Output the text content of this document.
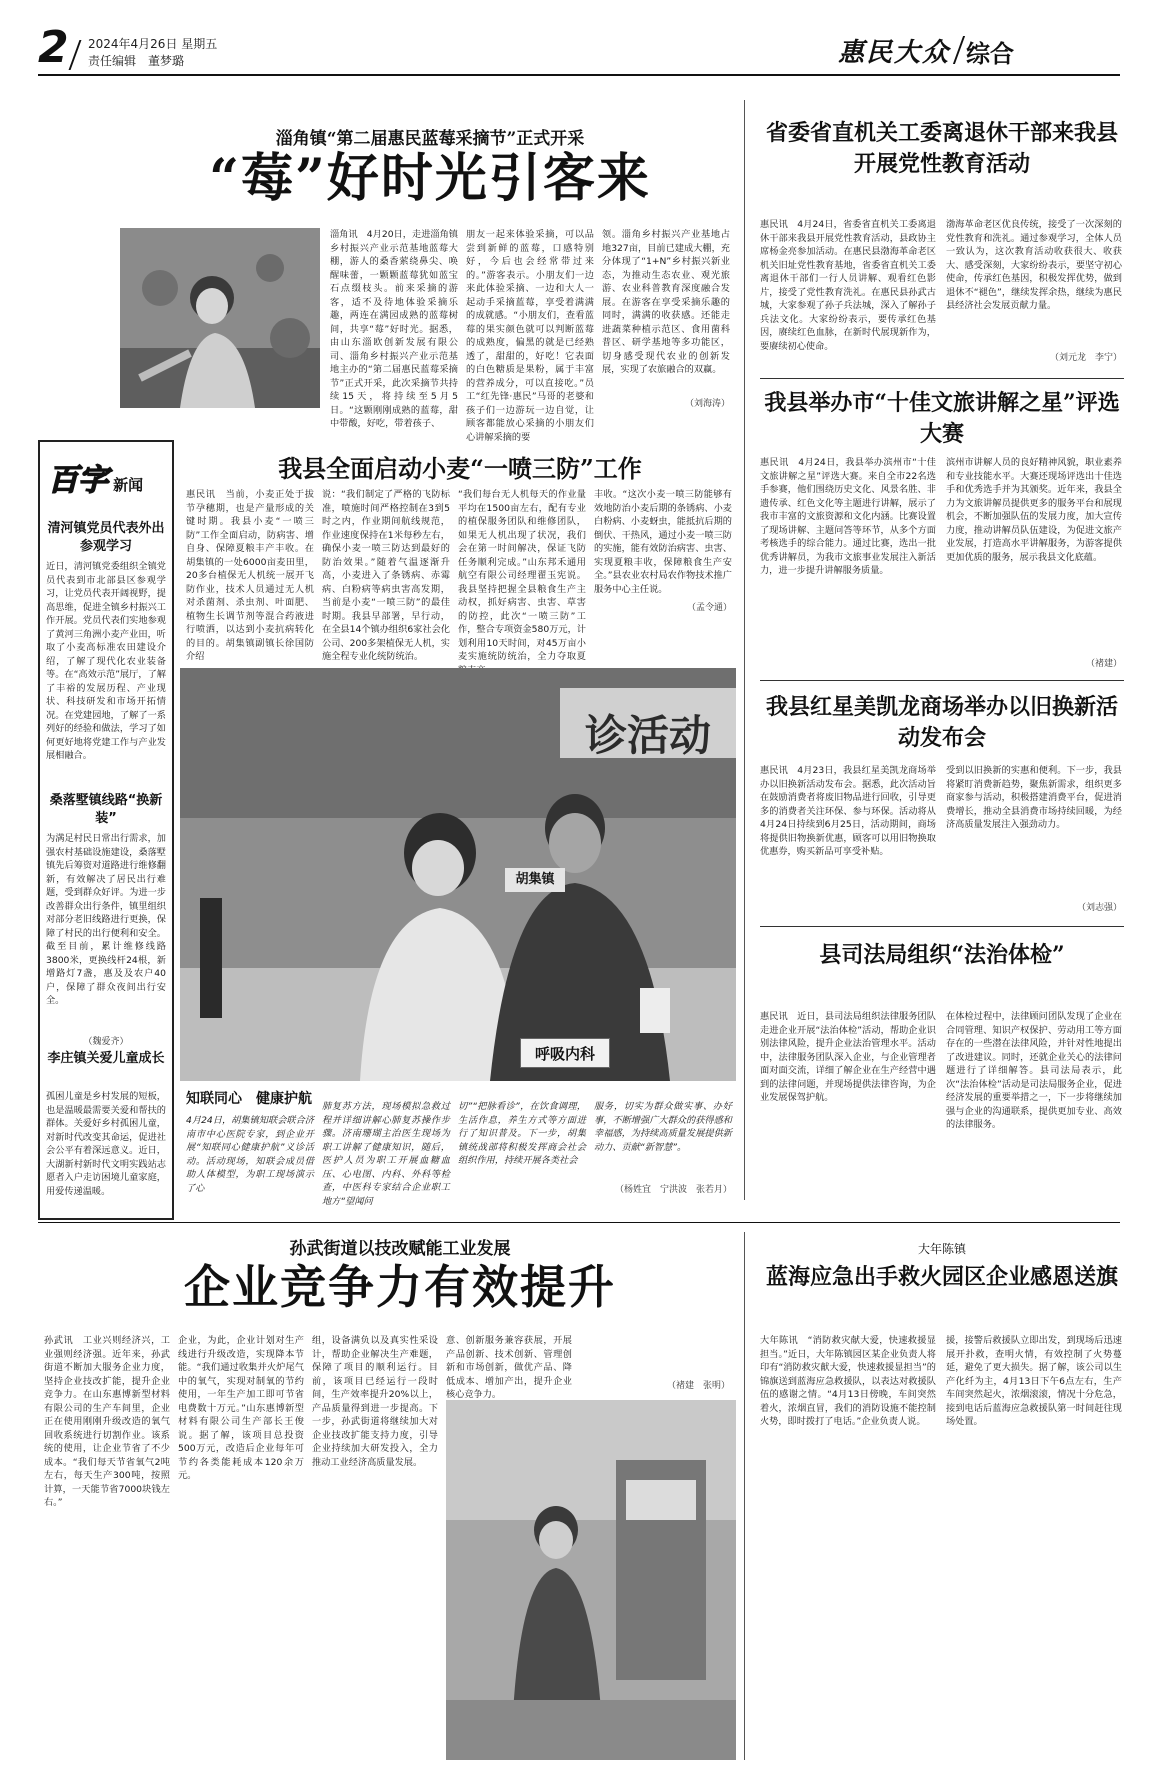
2 2024年4月26日 星期五
责任编辑　董梦璐	惠民大众 综合
淄角镇“第二届惠民蓝莓采摘节”正式开采
“莓”好时光引客来
淄角讯　4月20日，走进淄角镇乡村振兴产业示范基地蓝莓大棚，游人的桑香萦绕鼻尖、唤醒味蕾，一颗颗蓝莓犹如蓝宝石点缀枝头。前来采摘的游客，适不及待地体验采摘乐趣，两连在满园成熟的蓝莓树间，共享“莓”好时光。据悉，由山东淄欧创新发展有限公司、淄角乡村振兴产业示范基地主办的“第二届惠民蓝莓采摘节”正式开采，此次采摘节共持续15天，将持续至5月5日。“这颗刚刚成熟的蓝莓，甜中带酸，好吃，带着孩子、
朋友一起来体验采摘，可以品尝到新鲜的蓝莓，口感特别好，今后也会经常带过来的。”游客表示。小朋友们一边来此体验采摘、一边和大人一起动手采摘蓝莓，享受着满满的成就感。“小朋友们，查看蓝莓的果实颜色就可以判断蓝莓的成熟度，偏黑的就是已经熟透了，甜甜的，好吃！它表面的白色糖质是果粉，属于丰富的营养成分，可以直接吃。”员工“红先锋·惠民”马哥的老婆和孩子们一边游玩一边自觉，让顾客都能放心采摘的小朋友们心讲解采摘的要
领。淄角乡村振兴产业基地占地327亩，目前已建成大棚，充分体现了“1+N”乡村振兴新业态，为推动生态农业、观光旅游、农业科普教育深度融合发展。在游客在享受采摘乐趣的同时，满满的收获感。还能走进蔬菜种植示范区、食用菌科普区、研学基地等多功能区，切身感受现代农业的创新发展，实现了农旅融合的双赢。
（刘海涛）
省委省直机关工委离退休干部来我县开展党性教育活动
惠民讯　4月24日，省委省直机关工委离退休干部来我县开展党性教育活动，县政协主席杨金亮参加活动。在惠民县渤海革命老区机关旧址党性教育基地，省委省直机关工委离退休干部们一行人员讲解、观看红色影片，接受了党性教育洗礼。在惠民县孙武古城，大家参观了孙子兵法城，深入了解孙子兵法文化。大家纷纷表示，要传承红色基因，赓续红色血脉，在新时代展现新作为，要赓续初心使命。
渤海革命老区优良传统，接受了一次深刻的党性教育和洗礼。通过参观学习，全体人员一致认为，这次教育活动收获很大、收获大、感受深刻，大家纷纷表示，要坚守初心使命，传承红色基因，积极发挥优势，做到退休不“褪色”，继续发挥余热，继续为惠民县经济社会发展贡献力量。
（刘元龙　李宁）
百字 新闻
清河镇党员代表外出参观学习
近日，清河镇党委组织全镇党员代表到市北部县区参观学习，让党员代表开阔视野，提高思维，促进全镇乡村振兴工作开展。党员代表们实地参观了黄河三角洲小麦产业田，听取了小麦高标准农田建设介绍，了解了现代化农业装备等。在“高效示范”展厅，了解了丰裕的发展历程、产业现状、科技研发和市场开拓情况。在党建园地，了解了一系列好的经验和做法，学习了如何更好地将党建工作与产业发展相融合。
桑落墅镇线路“换新装”
为满足村民日常出行需求，加强农村基础设施建设，桑落墅镇先后筹资对道路进行维修翻新，有效解决了居民出行难题，受到群众好评。为进一步改善群众出行条件，镇里组织对部分老旧线路进行更换，保障了村民的出行便利和安全。截至目前，累计维修线路3800米，更换线杆24根，新增路灯7盏，惠及及农户40户，保障了群众夜间出行安全。
（魏爱齐）
李庄镇关爱儿童成长
孤困儿童是乡村发展的短板，也是温暖最需要关爱和帮扶的群体。关爱好乡村孤困儿童，对新时代改变其命运，促进社会公平有着深远意义。近日，大湖新村新时代文明实践站志愿者入户走访困境儿童家庭，用爱传递温暖。
我县全面启动小麦“一喷三防”工作
惠民讯　当前，小麦正处于拔节孕穗期，也是产量形成的关键时期。我县小麦“一喷三防”工作全面启动，防病害、增自身、保障夏粮丰产丰收。在胡集镇的一处6000亩麦田里，20多台植保无人机统一展开飞防作业，技术人员通过无人机对杀菌剂、杀虫剂、叶面肥、植物生长调节剂等混合药液进行喷洒，以达到小麦抗病转化的目的。胡集镇副镇长徐国防介绍
说：“我们制定了严格的飞防标准，喷施时间严格控制在3到5时之内，作业期间航线规范，作业速度保持在1米每秒左右，确保小麦一喷三防达到最好的防治效果。”随着气温逐渐升高，小麦进入了条锈病、赤霉病、白粉病等病虫害高发期，当前是小麦“一喷三防”的最佳时期。我县早部署，早行动，在全县14个镇办组织6家社会化公司、200多架植保无人机，实施全程专业化统防统治。
“我们每台无人机每天的作业量平均在1500亩左右，配有专业的植保服务团队和维修团队，如果无人机出现了状况，我们会在第一时间解决，保证飞防任务顺利完成。”山东邦禾通用航空有限公司经理翟玉宪说。我县坚持把握全县粮食生产主动权，抓好病害、虫害、草害的防控，此次“一喷三防”工作，整合专项资金580万元，计划利用10天时间，对45万亩小麦实施统防统治，全力夺取夏
丰收。“这次小麦一喷三防能够有效地防治小麦后期的条锈病、小麦白粉病、小麦蚜虫，能抵抗后期的倒伏、干热风，通过小麦一喷三防的实施，能有效防治病害、虫害、实现夏粮丰收，保障粮食生产安全。”县农业农村局农作物技术推广服务中心主任说。
（孟令通）
诊活动
胡集镇
呼吸内科
知联同心　健康护航
4月24日，胡集镇知联会联合济南市中心医院专家，到企业开展“知联同心健康护航”义诊活动。活动现场，知联会成员借助人体模型，为职工现场演示了心
肺复苏方法，现场模拟急救过程并详细讲解心肺复苏操作步骤。济南珊瑚主治医生现场为职工讲解了健康知识，随后，医护人员为职工开展血糖血压、心电图、内科、外科等检查，中医科专家结合企业职工地方“望闻问
切”“把脉看诊”，在饮食调理，生活作息，养生方式等方面进行了知识普及。下一步，胡集镇统战部将积极发挥商会社会组织作用，持续开展各类社会
服务，切实为群众做实事、办好事，不断增强广大群众的获得感和幸福感，为持续高质量发展提供新动力、贡献“新智慧”。
（杨姓宜　宁洪波　张若月）
我县举办市“十佳文旅讲解之星”评选大赛
惠民讯　4月24日，我县举办滨州市“十佳文旅讲解之星”评选大赛。来自全市22名选手参赛，他们围绕历史文化、风景名胜、非遗传承、红色文化等主题进行讲解，展示了我市丰富的文旅资源和文化内涵。比赛设置了现场讲解、主题问答等环节，从多个方面考核选手的综合能力。通过比赛，选出一批优秀讲解员，为我市文旅事业发展注入新活力，进一步提升讲解服务质量。
滨州市讲解人员的良好精神风貌，职业素养和专业技能水平。大赛还现场评选出十佳选手和优秀选手并为其颁奖。近年来，我县全力为文旅讲解员提供更多的服务平台和展现机会，不断加强队伍的发展力度，加大宣传力度，推动讲解员队伍建设，为促进文旅产业发展，打造高水平讲解服务，为游客提供更加优质的服务，展示我县文化底蕴。
（褚建）
我县红星美凯龙商场举办以旧换新活动发布会
惠民讯　4月23日，我县红星美凯龙商场举办以旧换新活动发布会。据悉，此次活动旨在鼓励消费者将废旧物品进行回收，引导更多的消费者关注环保、参与环保。活动将从4月24日持续到6月25日，活动期间，商场将提供旧物换新优惠，顾客可以用旧物换取优惠券，购买新品可享受补贴。
受到以旧换新的实惠和便利。下一步，我县将紧盯消费新趋势，聚焦新需求，组织更多商家参与活动，积极搭建消费平台，促进消费增长，推动全县消费市场持续回暖，为经济高质量发展注入强劲动力。
（刘志强）
县司法局组织“法治体检”
惠民讯　近日，县司法局组织法律服务团队走进企业开展“法治体检”活动，帮助企业识别法律风险，提升企业法治管理水平。活动中，法律服务团队深入企业，与企业管理者面对面交流，详细了解企业在生产经营中遇到的法律问题，并现场提供法律咨询，为企业发展保驾护航。
在体检过程中，法律顾问团队发现了企业在合同管理、知识产权保护、劳动用工等方面存在的一些潜在法律风险，并针对性地提出了改进建议。同时，还就企业关心的法律问题进行了详细解答。县司法局表示，此次“法治体检”活动是司法局服务企业，促进经济发展的重要举措之一，下一步将继续加强与企业的沟通联系，提供更加专业、高效的法律服务。
孙武街道以技改赋能工业发展
企业竞争力有效提升
孙武讯　工业兴则经济兴，工业强则经济强。近年来，孙武街道不断加大服务企业力度，坚持企业技改扩能，提升企业竞争力。在山东惠博新型材料有限公司的生产车间里，企业正在使用刚刚升级改造的氧气回收系统进行切割作业。该系统的使用，让企业节省了不少成本。“我们每天节省氧气2吨左右，每天生产300吨，按照计算，一天能节省7000块钱左右。”
企业，为此，企业计划对生产线进行升级改造，实现降本节能。“我们通过收集并火炉尾气中的氧气，实现对制氧的节约使用，一年生产加工即可节省电费数十万元。”山东惠博新型材料有限公司生产部长王俊说。据了解，该项目总投资500万元，改造后企业每年可节约各类能耗成本120余万元。
组，设备满负以及真实性采设计，帮助企业解决生产难题，保障了项目的顺利运行。目前，该项目已经运行一段时间，生产效率提升20%以上，产品质量得到进一步提高。下一步，孙武街道将继续加大对企业技改扩能支持力度，引导企业持续加大研发投入，全力推动工业经济高质量发展。
意、创新服务兼容获展，开展产品创新、技术创新、管理创新和市场创新，做优产品、降低成本、增加产出，提升企业核心竞争力。
（褚建　张明）
大年陈镇
蓝海应急出手救火园区企业感恩送旗
大年陈讯　“消防救灾献大爱，快速救援显担当。”近日，大年陈镇园区某企业负责人将印有“消防救灾献大爱，快速救援显担当”的锦旗送到蓝海应急救援队，以表达对救援队伍的感谢之情。“4月13日傍晚，车间突然着火，浓烟直冒，我们的消防设施不能控制火势，即时拨打了电话。”企业负责人说。
援，接警后救援队立即出发，到现场后迅速展开扑救，查明火情，有效控制了火势蔓延，避免了更大损失。据了解，该公司以生产化纤为主，4月13日下午6点左右，生产车间突然起火，浓烟滚滚，情况十分危急，接到电话后蓝海应急救援队第一时间赶往现场处置。
